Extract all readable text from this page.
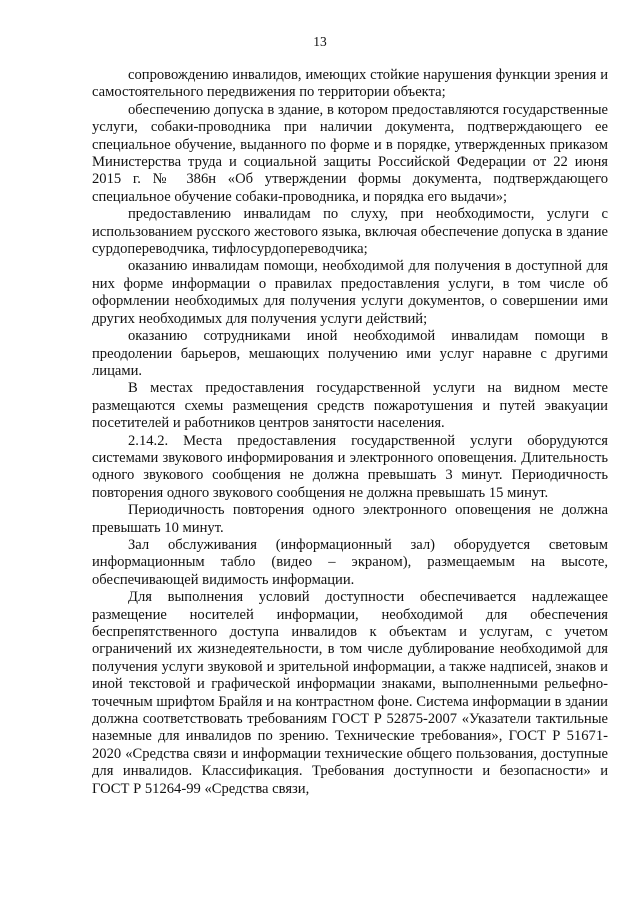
13

сопровождению инвалидов, имеющих стойкие нарушения функции зрения и самостоятельного передвижения по территории объекта;

обеспечению допуска в здание, в котором предоставляются государственные услуги, собаки-проводника при наличии документа, подтверждающего ее специальное обучение, выданного по форме и в порядке, утвержденных приказом Министерства труда и социальной защиты Российской Федерации от 22 июня 2015 г. № 386н «Об утверждении формы документа, подтверждающего специальное обучение собаки-проводника, и порядка его выдачи»;

предоставлению инвалидам по слуху, при необходимости, услуги с использованием русского жестового языка, включая обеспечение допуска в здание сурдопереводчика, тифлосурдопереводчика;

оказанию инвалидам помощи, необходимой для получения в доступной для них форме информации о правилах предоставления услуги, в том числе об оформлении необходимых для получения услуги документов, о совершении ими других необходимых для получения услуги действий;

оказанию сотрудниками иной необходимой инвалидам помощи в преодолении барьеров, мешающих получению ими услуг наравне с другими лицами.

В местах предоставления государственной услуги на видном месте размещаются схемы размещения средств пожаротушения и путей эвакуации посетителей и работников центров занятости населения.

2.14.2. Места предоставления государственной услуги оборудуются системами звукового информирования и электронного оповещения. Длительность одного звукового сообщения не должна превышать 3 минут. Периодичность повторения одного звукового сообщения не должна превышать 15 минут.

Периодичность повторения одного электронного оповещения не должна превышать 10 минут.

Зал обслуживания (информационный зал) оборудуется световым информационным табло (видео – экраном), размещаемым на высоте, обеспечивающей видимость информации.

Для выполнения условий доступности обеспечивается надлежащее размещение носителей информации, необходимой для обеспечения беспрепятственного доступа инвалидов к объектам и услугам, с учетом ограничений их жизнедеятельности, в том числе дублирование необходимой для получения услуги звуковой и зрительной информации, а также надписей, знаков и иной текстовой и графической информации знаками, выполненными рельефно-точечным шрифтом Брайля и на контрастном фоне. Система информации в здании должна соответствовать требованиям ГОСТ Р 52875-2007 «Указатели тактильные наземные для инвалидов по зрению. Технические требования», ГОСТ Р 51671-2020 «Средства связи и информации технические общего пользования, доступные для инвалидов. Классификация. Требования доступности и безопасности» и ГОСТ Р 51264-99 «Средства связи,
